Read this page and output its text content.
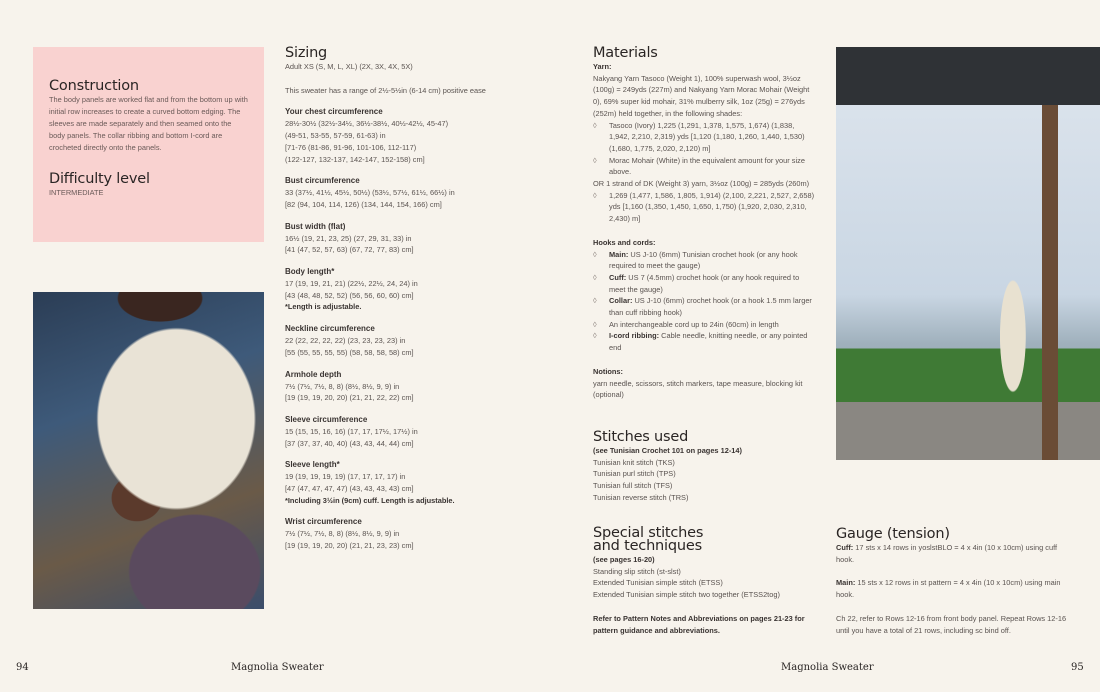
Construction

The body panels are worked flat and from the bottom up with initial row increases to create a curved bottom edging. The sleeves are made separately and then seamed onto the body panels. The collar ribbing and bottom I-cord are crocheted directly onto the panels.

Difficulty level

INTERMEDIATE

Sizing

Adult XS (S, M, L, XL) (2X, 3X, 4X, 5X)

This sweater has a range of 2½-5½in (6-14 cm) positive ease

Your chest circumference

28½-30½ (32½-34½, 36½-38½, 40½-42½, 45-47)

(49-51, 53-55, 57-59, 61-63) in

[71-76 (81-86, 91-96, 101-106, 112-117)

(122-127, 132-137, 142-147, 152-158) cm]

Bust circumference

33 (37½, 41½, 45½, 50½) (53½, 57½, 61½, 66½) in

[82 (94, 104, 114, 126) (134, 144, 154, 166) cm]

Bust width (flat)

16½ (19, 21, 23, 25) (27, 29, 31, 33) in

[41 (47, 52, 57, 63) (67, 72, 77, 83) cm]

Body length*

17 (19, 19, 21, 21) (22½, 22½, 24, 24) in

[43 (48, 48, 52, 52) (56, 56, 60, 60) cm]

*Length is adjustable.

Neckline circumference

22 (22, 22, 22, 22) (23, 23, 23, 23) in

[55 (55, 55, 55, 55) (58, 58, 58, 58) cm]

Armhole depth

7½ (7½, 7½, 8, 8) (8½, 8½, 9, 9) in

[19 (19, 19, 20, 20) (21, 21, 22, 22) cm]

Sleeve circumference

15 (15, 15, 16, 16) (17, 17, 17½, 17½) in

[37 (37, 37, 40, 40) (43, 43, 44, 44) cm]

Sleeve length*

19 (19, 19, 19, 19) (17, 17, 17, 17) in

[47 (47, 47, 47, 47) (43, 43, 43, 43) cm]

*Including 3½in (9cm) cuff. Length is adjustable.

Wrist circumference

7½ (7½, 7½, 8, 8) (8½, 8½, 9, 9) in

[19 (19, 19, 20, 20) (21, 21, 23, 23) cm]

Materials

Yarn:

Nakyang Yarn Tasoco (Weight 1), 100% superwash wool, 3½oz (100g) = 249yds (227m) and Nakyang Yarn Morac Mohair (Weight 0), 69% super kid mohair, 31% mulberry silk, 1oz (25g) = 276yds (252m) held together, in the following shades:

◊ Tasoco (Ivory) 1,225 (1,291, 1,378, 1,575, 1,674) (1,838, 1,942, 2,210, 2,319) yds [1,120 (1,180, 1,260, 1,440, 1,530) (1,680, 1,775, 2,020, 2,120) m]

◊ Morac Mohair (White) in the equivalent amount for your size above.

OR 1 strand of DK (Weight 3) yarn, 3½oz (100g) = 285yds (260m)

◊ 1,269 (1,477, 1,586, 1,805, 1,914) (2,100, 2,221, 2,527, 2,658) yds [1,160 (1,350, 1,450, 1,650, 1,750) (1,920, 2,030, 2,310, 2,430) m]

Hooks and cords:

◊ Main: US J-10 (6mm) Tunisian crochet hook (or any hook required to meet the gauge)

◊ Cuff: US 7 (4.5mm) crochet hook (or any hook required to meet the gauge)

◊ Collar: US J-10 (6mm) crochet hook (or a hook 1.5 mm larger than cuff ribbing hook)

◊ An interchangeable cord up to 24in (60cm) in length

◊ I-cord ribbing: Cable needle, knitting needle, or any pointed end

Notions:

yarn needle, scissors, stitch markers, tape measure, blocking kit (optional)

Stitches used

(see Tunisian Crochet 101 on pages 12-14)

Tunisian knit stitch (TKS)

Tunisian purl stitch (TPS)

Tunisian full stitch (TFS)

Tunisian reverse stitch (TRS)

Special stitches
and techniques

(see pages 16-20)

Standing slip stitch (st-slst)

Extended Tunisian simple stitch (ETSS)

Extended Tunisian simple stitch two together (ETSS2tog)

Refer to Pattern Notes and Abbreviations on pages 21-23 for pattern guidance and abbreviations.

Gauge (tension)

Cuff: 17 sts x 14 rows in yoslstBLO = 4 x 4in (10 x 10cm) using cuff hook.

Main: 15 sts x 12 rows in st pattern = 4 x 4in (10 x 10cm) using main hook.

Ch 22, refer to Rows 12-16 from front body panel. Repeat Rows 12-16 until you have a total of 21 rows, including sc bind off.

94	Magnolia Sweater	Magnolia Sweater	95
